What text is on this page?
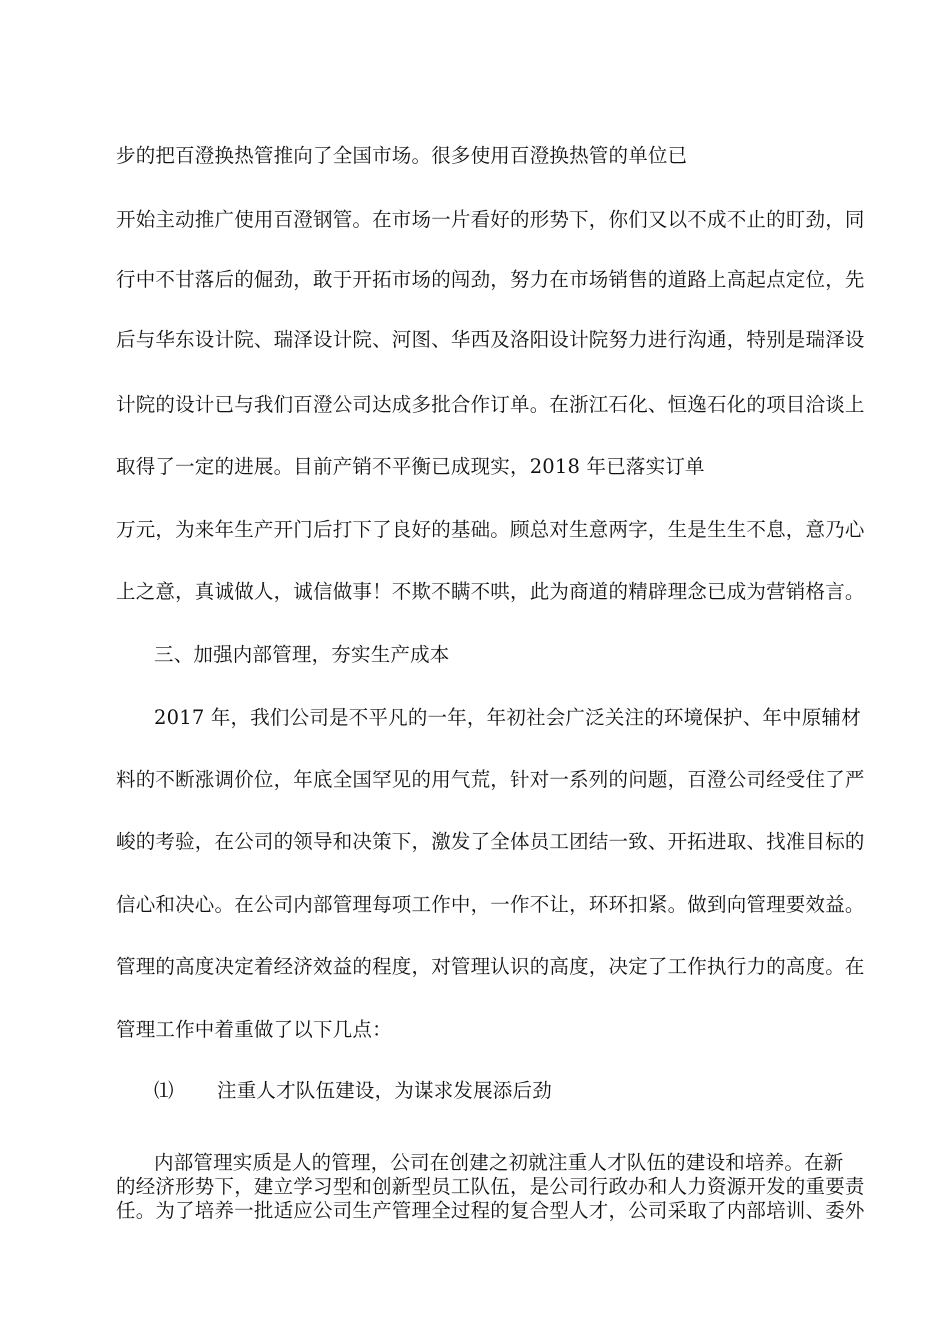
步的把百澄换热管推向了全国市场。很多使用百澄换热管的单位已
开始主动推广使用百澄钢管。在市场一片看好的形势下，你们又以不成不止的盯劲，同
行中不甘落后的倔劲，敢于开拓市场的闯劲，努力在市场销售的道路上高起点定位，先
后与华东设计院、瑞泽设计院、河图、华西及洛阳设计院努力进行沟通，特别是瑞泽设
计院的设计已与我们百澄公司达成多批合作订单。在浙江石化、恒逸石化的项目洽谈上
取得了一定的进展。目前产销不平衡已成现实，2018 年已落实订单
万元，为来年生产开门后打下了良好的基础。顾总对生意两字，生是生生不息，意乃心
上之意，真诚做人，诚信做事！不欺不瞒不哄，此为商道的精辟理念已成为营销格言。
三、加强内部管理，夯实生产成本
2017 年，我们公司是不平凡的一年，年初社会广泛关注的环境保护、年中原辅材
料的不断涨调价位，年底全国罕见的用气荒，针对一系列的问题，百澄公司经受住了严
峻的考验，在公司的领导和决策下，激发了全体员工团结一致、开拓进取、找准目标的
信心和决心。在公司内部管理每项工作中，一作不让，环环扣紧。做到向管理要效益。
管理的高度决定着经济效益的程度，对管理认识的高度，决定了工作执行力的高度。在
管理工作中着重做了以下几点：
⑴ 注重人才队伍建设，为谋求发展添后劲
内部管理实质是人的管理，公司在创建之初就注重人才队伍的建设和培养。在新
的经济形势下，建立学习型和创新型员工队伍，是公司行政办和人力资源开发的重要责
任。为了培养一批适应公司生产管理全过程的复合型人才，公司采取了内部培训、委外
